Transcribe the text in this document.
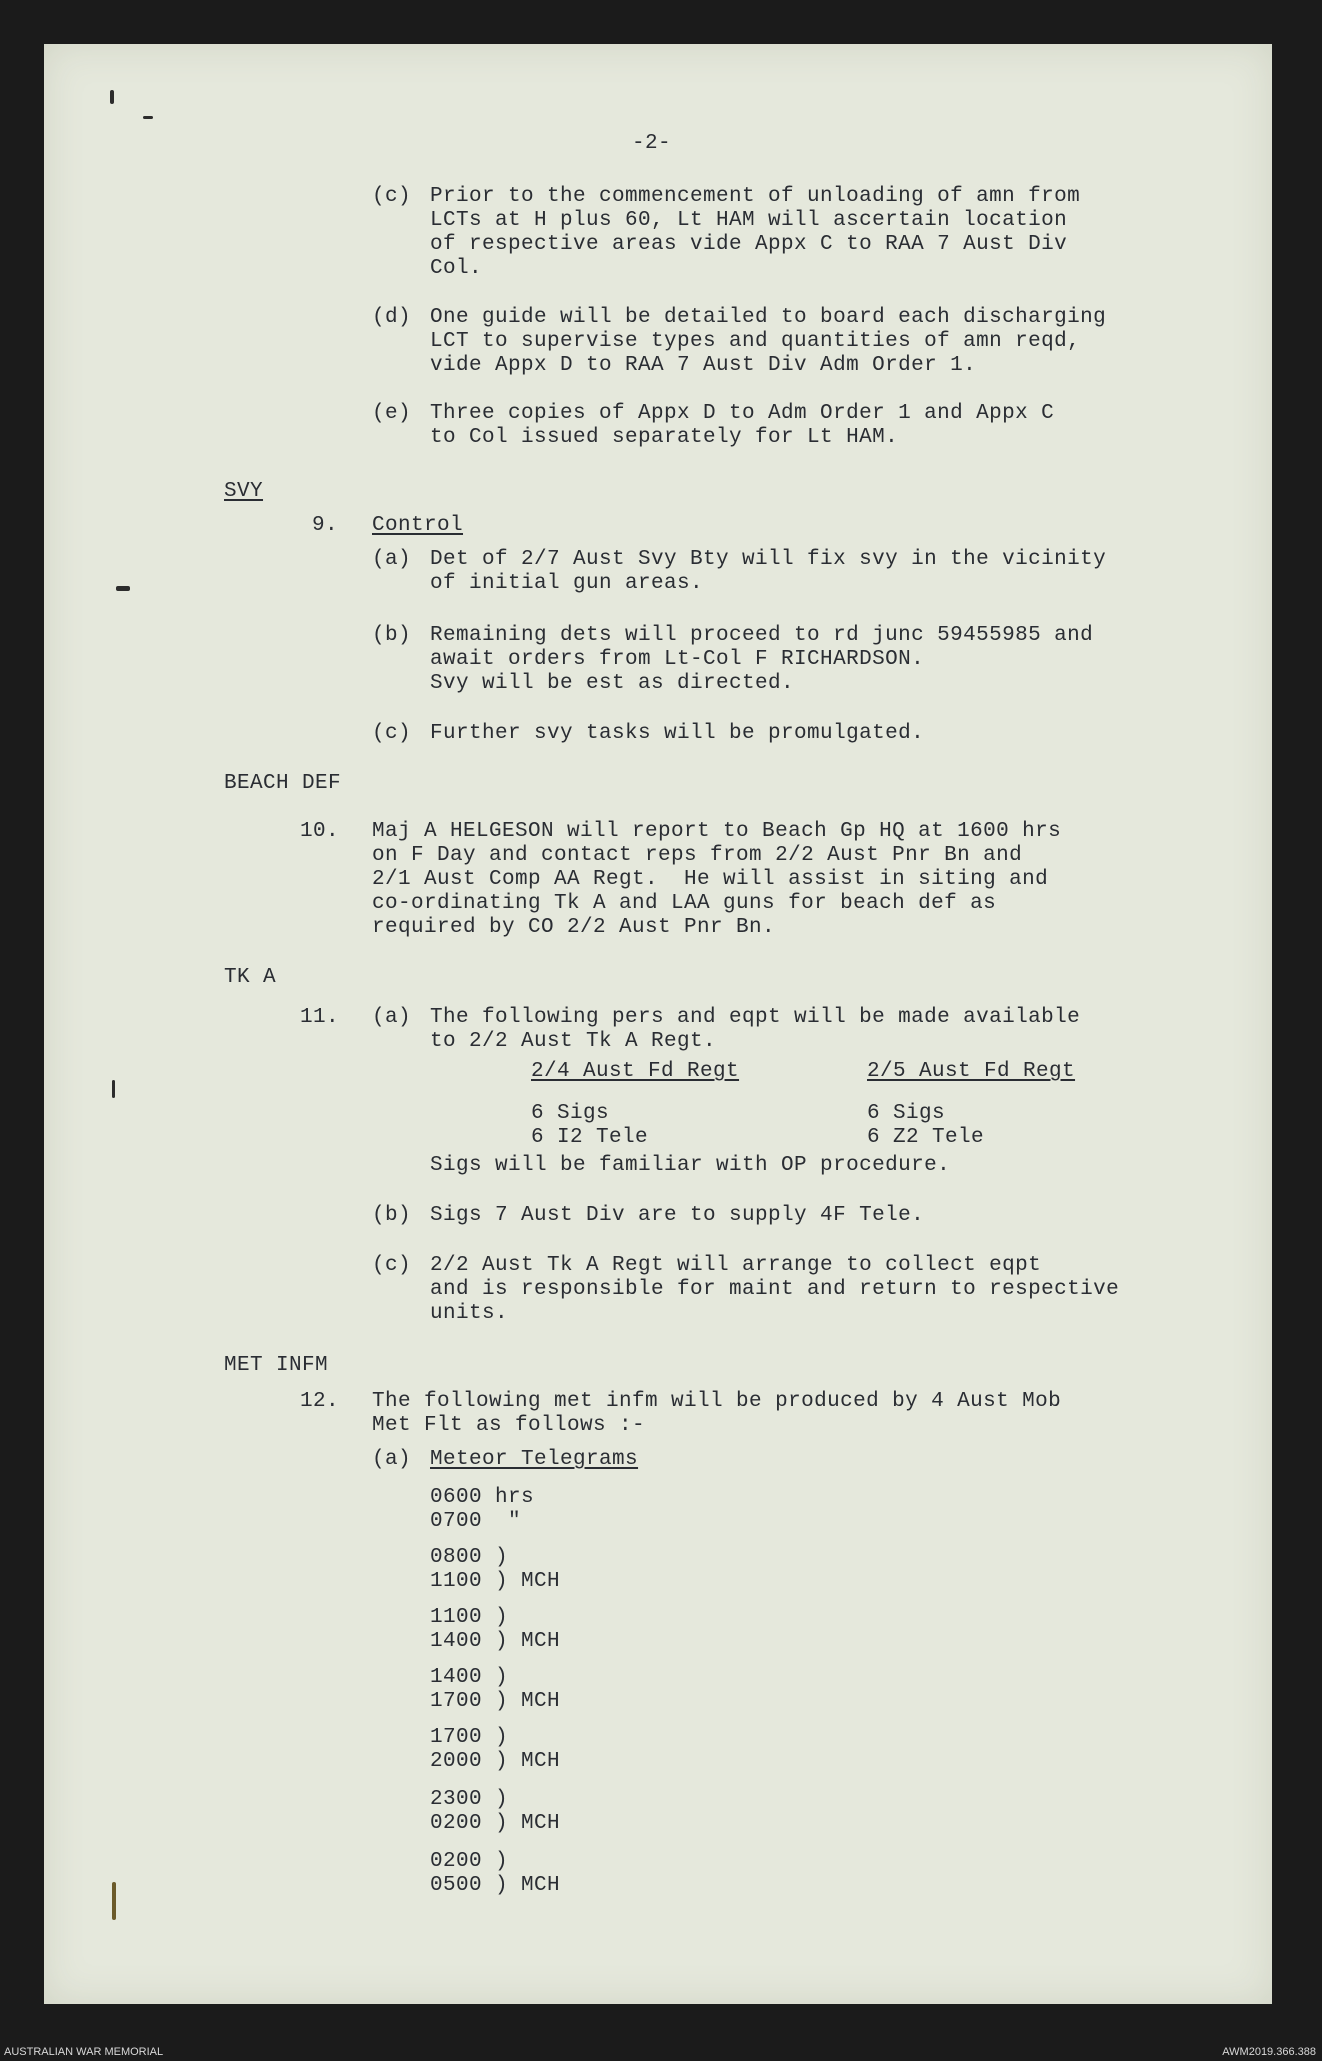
-2-
(c) Prior to the commencement of unloading of amn from
LCTs at H plus 60, Lt HAM will ascertain location
of respective areas vide Appx C to RAA 7 Aust Div
Col.
(d) One guide will be detailed to board each discharging
LCT to supervise types and quantities of amn reqd,
vide Appx D to RAA 7 Aust Div Adm Order 1.
(e) Three copies of Appx D to Adm Order 1 and Appx C
to Col issued separately for Lt HAM.
SVY
9. Control
(a) Det of 2/7 Aust Svy Bty will fix svy in the vicinity
of initial gun areas.
(b) Remaining dets will proceed to rd junc 59455985 and
await orders from Lt-Col F RICHARDSON.
Svy will be est as directed.
(c) Further svy tasks will be promulgated.
BEACH DEF
10. Maj A HELGESON will report to Beach Gp HQ at 1600 hrs
on F Day and contact reps from 2/2 Aust Pnr Bn and
2/1 Aust Comp AA Regt.  He will assist in siting and
co-ordinating Tk A and LAA guns for beach def as
required by CO 2/2 Aust Pnr Bn.
TK A
11. (a) The following pers and eqpt will be made available
to 2/2 Aust Tk A Regt.
2/4 Aust Fd Regt	2/5 Aust Fd Regt
6 Sigs
6 I2 Tele
6 Sigs
6 Z2 Tele
Sigs will be familiar with OP procedure.
(b) Sigs 7 Aust Div are to supply 4F Tele.
(c) 2/2 Aust Tk A Regt will arrange to collect eqpt
and is responsible for maint and return to respective
units.
MET INFM
12. The following met infm will be produced by 4 Aust Mob
Met Flt as follows :-
(a) Meteor Telegrams
0600 hrs
0700  "
0800 )
1100 ) MCH
1100 )
1400 ) MCH
1400 )
1700 ) MCH
1700 )
2000 ) MCH
2300 )
0200 ) MCH
0200 )
0500 ) MCH
AUSTRALIAN WAR MEMORIAL	AWM2019.366.388
